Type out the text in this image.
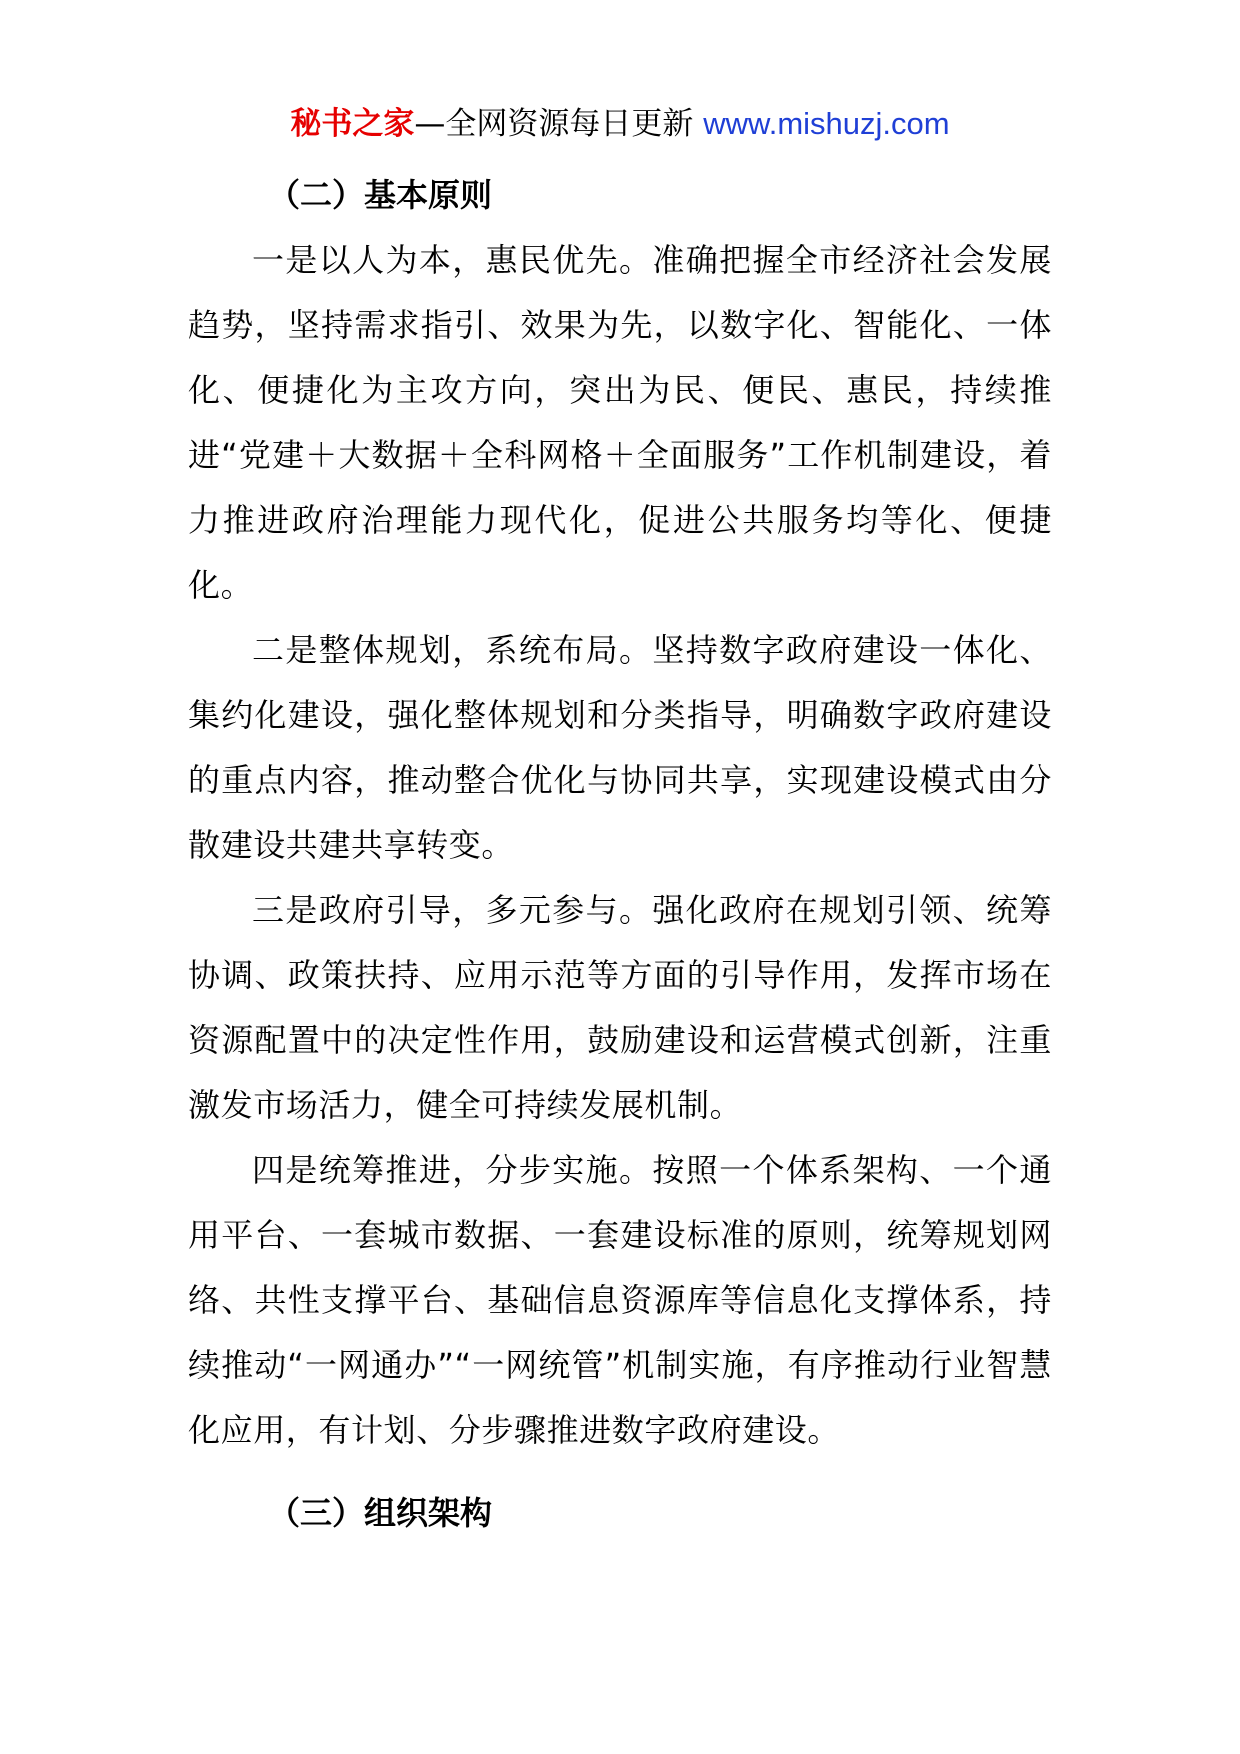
秘书之家—全网资源每日更新 www.mishuzj.com

（二）基本原则

一是以人为本，惠民优先。准确把握全市经济社会发展趋势，坚持需求指引、效果为先，以数字化、智能化、一体化、便捷化为主攻方向，突出为民、便民、惠民，持续推进“党建＋大数据＋全科网格＋全面服务”工作机制建设，着力推进政府治理能力现代化，促进公共服务均等化、便捷化。

二是整体规划，系统布局。坚持数字政府建设一体化、集约化建设，强化整体规划和分类指导，明确数字政府建设的重点内容，推动整合优化与协同共享，实现建设模式由分散建设共建共享转变。

三是政府引导，多元参与。强化政府在规划引领、统筹协调、政策扶持、应用示范等方面的引导作用，发挥市场在资源配置中的决定性作用，鼓励建设和运营模式创新，注重激发市场活力，健全可持续发展机制。

四是统筹推进，分步实施。按照一个体系架构、一个通用平台、一套城市数据、一套建设标准的原则，统筹规划网络、共性支撑平台、基础信息资源库等信息化支撑体系，持续推动“一网通办”“一网统管”机制实施，有序推动行业智慧化应用，有计划、分步骤推进数字政府建设。

（三）组织架构
